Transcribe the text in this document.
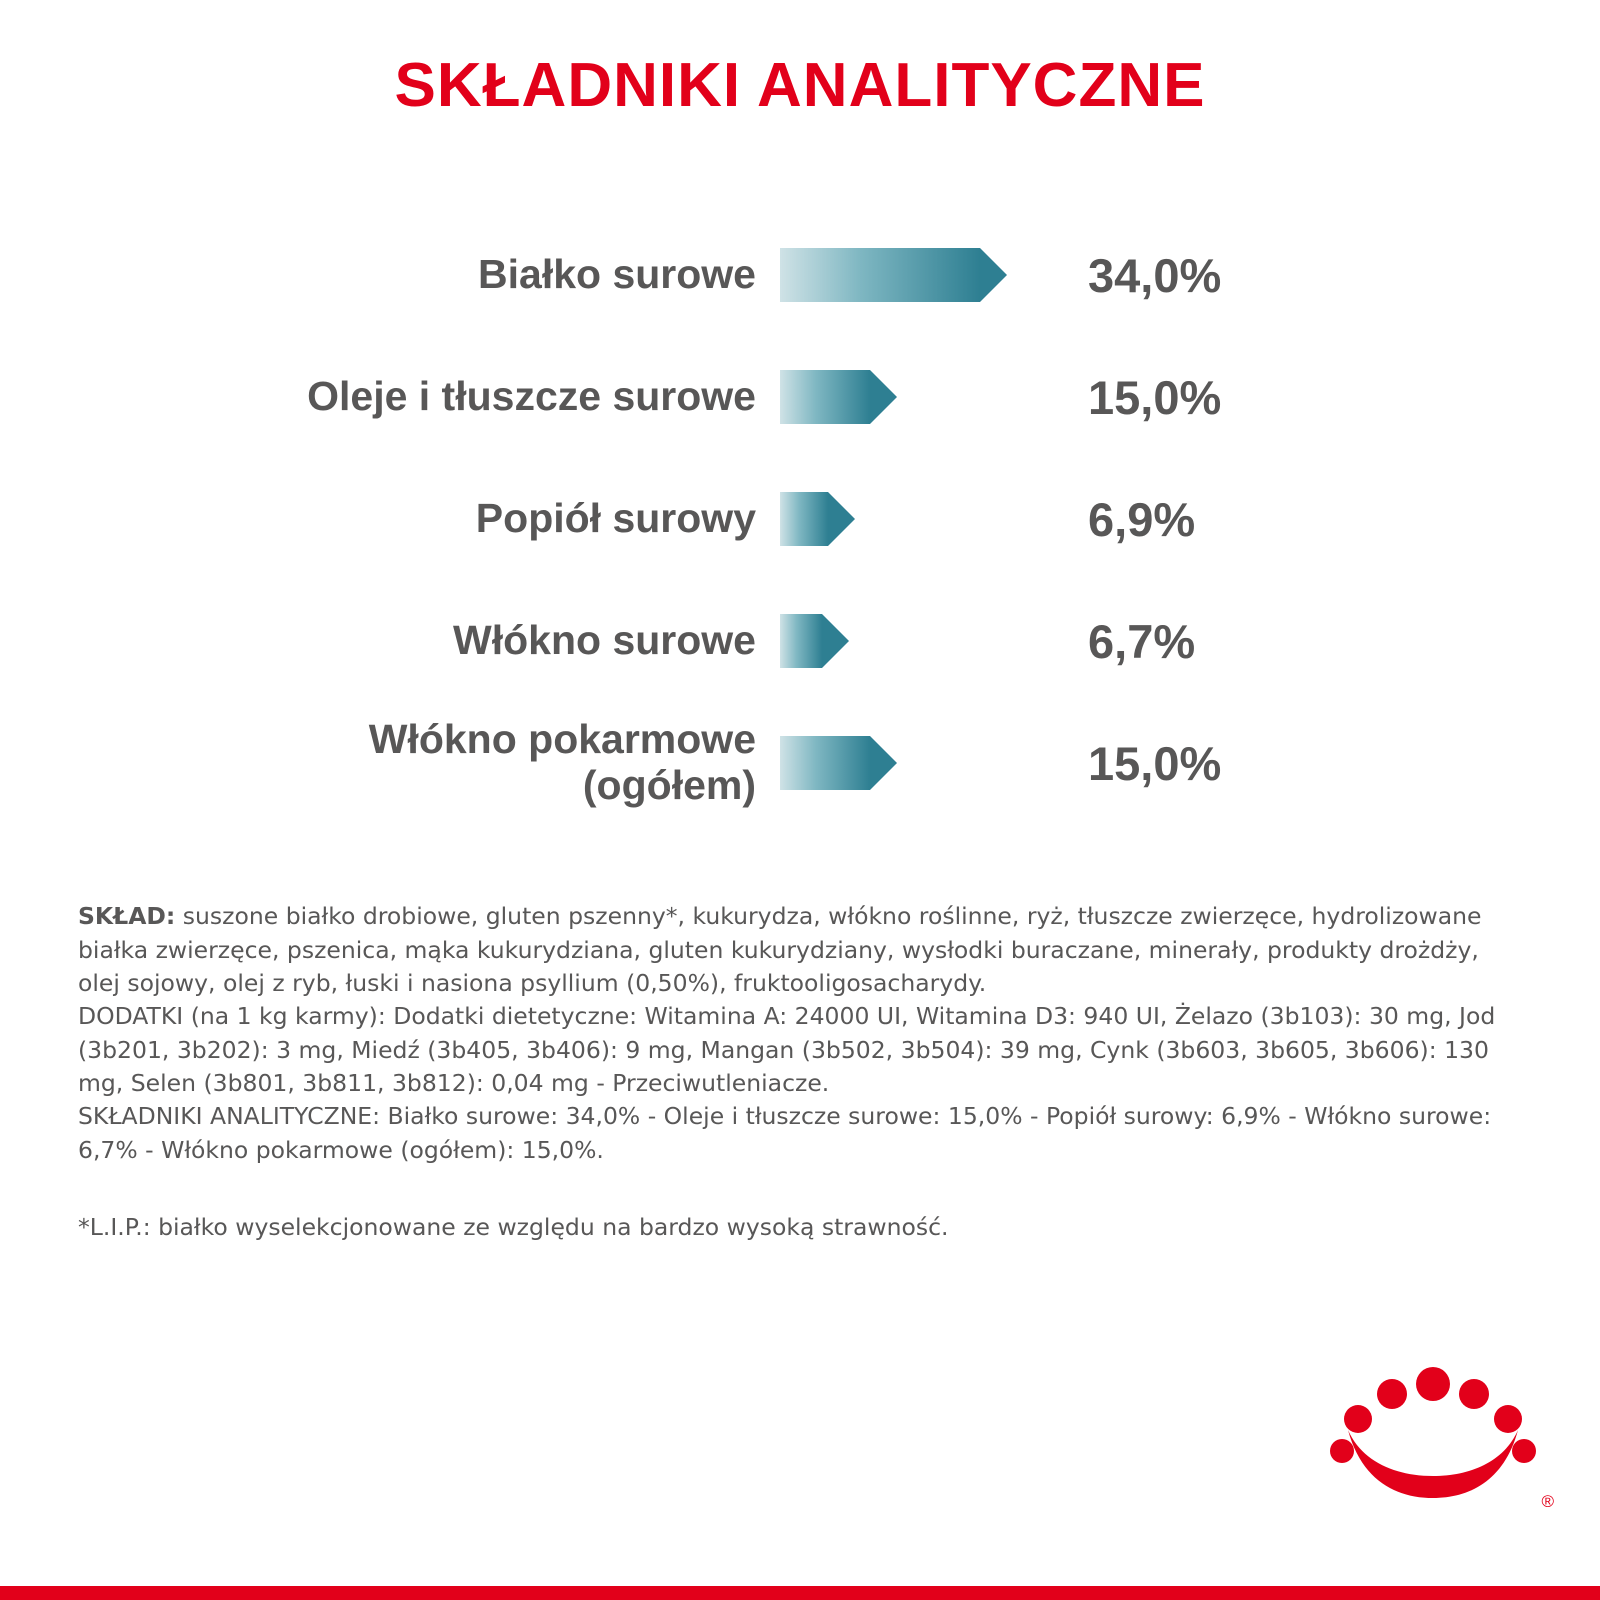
SKŁADNIKI ANALITYCZNE
Białko surowe	34,0%
Oleje i tłuszcze surowe	15,0%
Popiół surowy	6,9%
Włókno surowe	6,7%
Włókno pokarmowe
(ogółem)	15,0%

SKŁAD: suszone białko drobiowe, gluten pszenny*, kukurydza, włókno roślinne, ryż, tłuszcze zwierzęce, hydrolizowane białka zwierzęce, pszenica, mąka kukurydziana, gluten kukurydziany, wysłodki buraczane, minerały, produkty drożdży, olej sojowy, olej z ryb, łuski i nasiona psyllium (0,50%), fruktooligosacharydy.

DODATKI (na 1 kg karmy): Dodatki dietetyczne: Witamina A: 24000 UI, Witamina D3: 940 UI, Żelazo (3b103): 30 mg, Jod (3b201, 3b202): 3 mg, Miedź (3b405, 3b406): 9 mg, Mangan (3b502, 3b504): 39 mg, Cynk (3b603, 3b605, 3b606): 130 mg, Selen (3b801, 3b811, 3b812): 0,04 mg - Przeciwutleniacze.

SKŁADNIKI ANALITYCZNE: Białko surowe: 34,0% - Oleje i tłuszcze surowe: 15,0% - Popiół surowy: 6,9% - Włókno surowe: 6,7% - Włókno pokarmowe (ogółem): 15,0%.

*L.I.P.: białko wyselekcjonowane ze względu na bardzo wysoką strawność.
®
